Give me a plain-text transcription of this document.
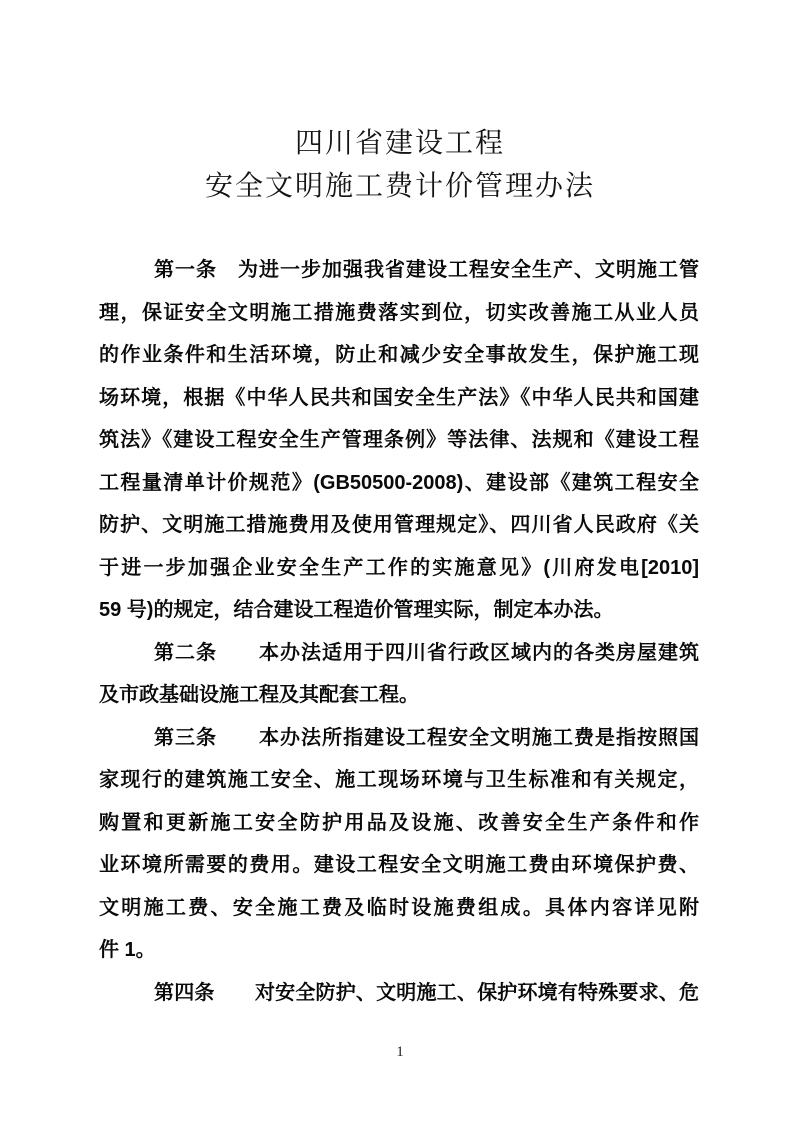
四川省建设工程
安全文明施工费计价管理办法
第一条　为进一步加强我省建设工程安全生产、文明施工管
理，保证安全文明施工措施费落实到位，切实改善施工从业人员
的作业条件和生活环境，防止和减少安全事故发生，保护施工现
场环境，根据《中华人民共和国安全生产法》《中华人民共和国建
筑法》《建设工程安全生产管理条例》等法律、法规和《建设工程
工程量清单计价规范》(GB50500-2008)、建设部《建筑工程安全
防护、文明施工措施费用及使用管理规定》、四川省人民政府《关
于进一步加强企业安全生产工作的实施意见》(川府发电[2010]
59 号)的规定，结合建设工程造价管理实际，制定本办法。
第二条　　本办法适用于四川省行政区域内的各类房屋建筑
及市政基础设施工程及其配套工程。
第三条　　本办法所指建设工程安全文明施工费是指按照国
家现行的建筑施工安全、施工现场环境与卫生标准和有关规定，
购置和更新施工安全防护用品及设施、改善安全生产条件和作
业环境所需要的费用。建设工程安全文明施工费由环境保护费、
文明施工费、安全施工费及临时设施费组成。具体内容详见附
件 1。
第四条　　对安全防护、文明施工、保护环境有特殊要求、危
1
